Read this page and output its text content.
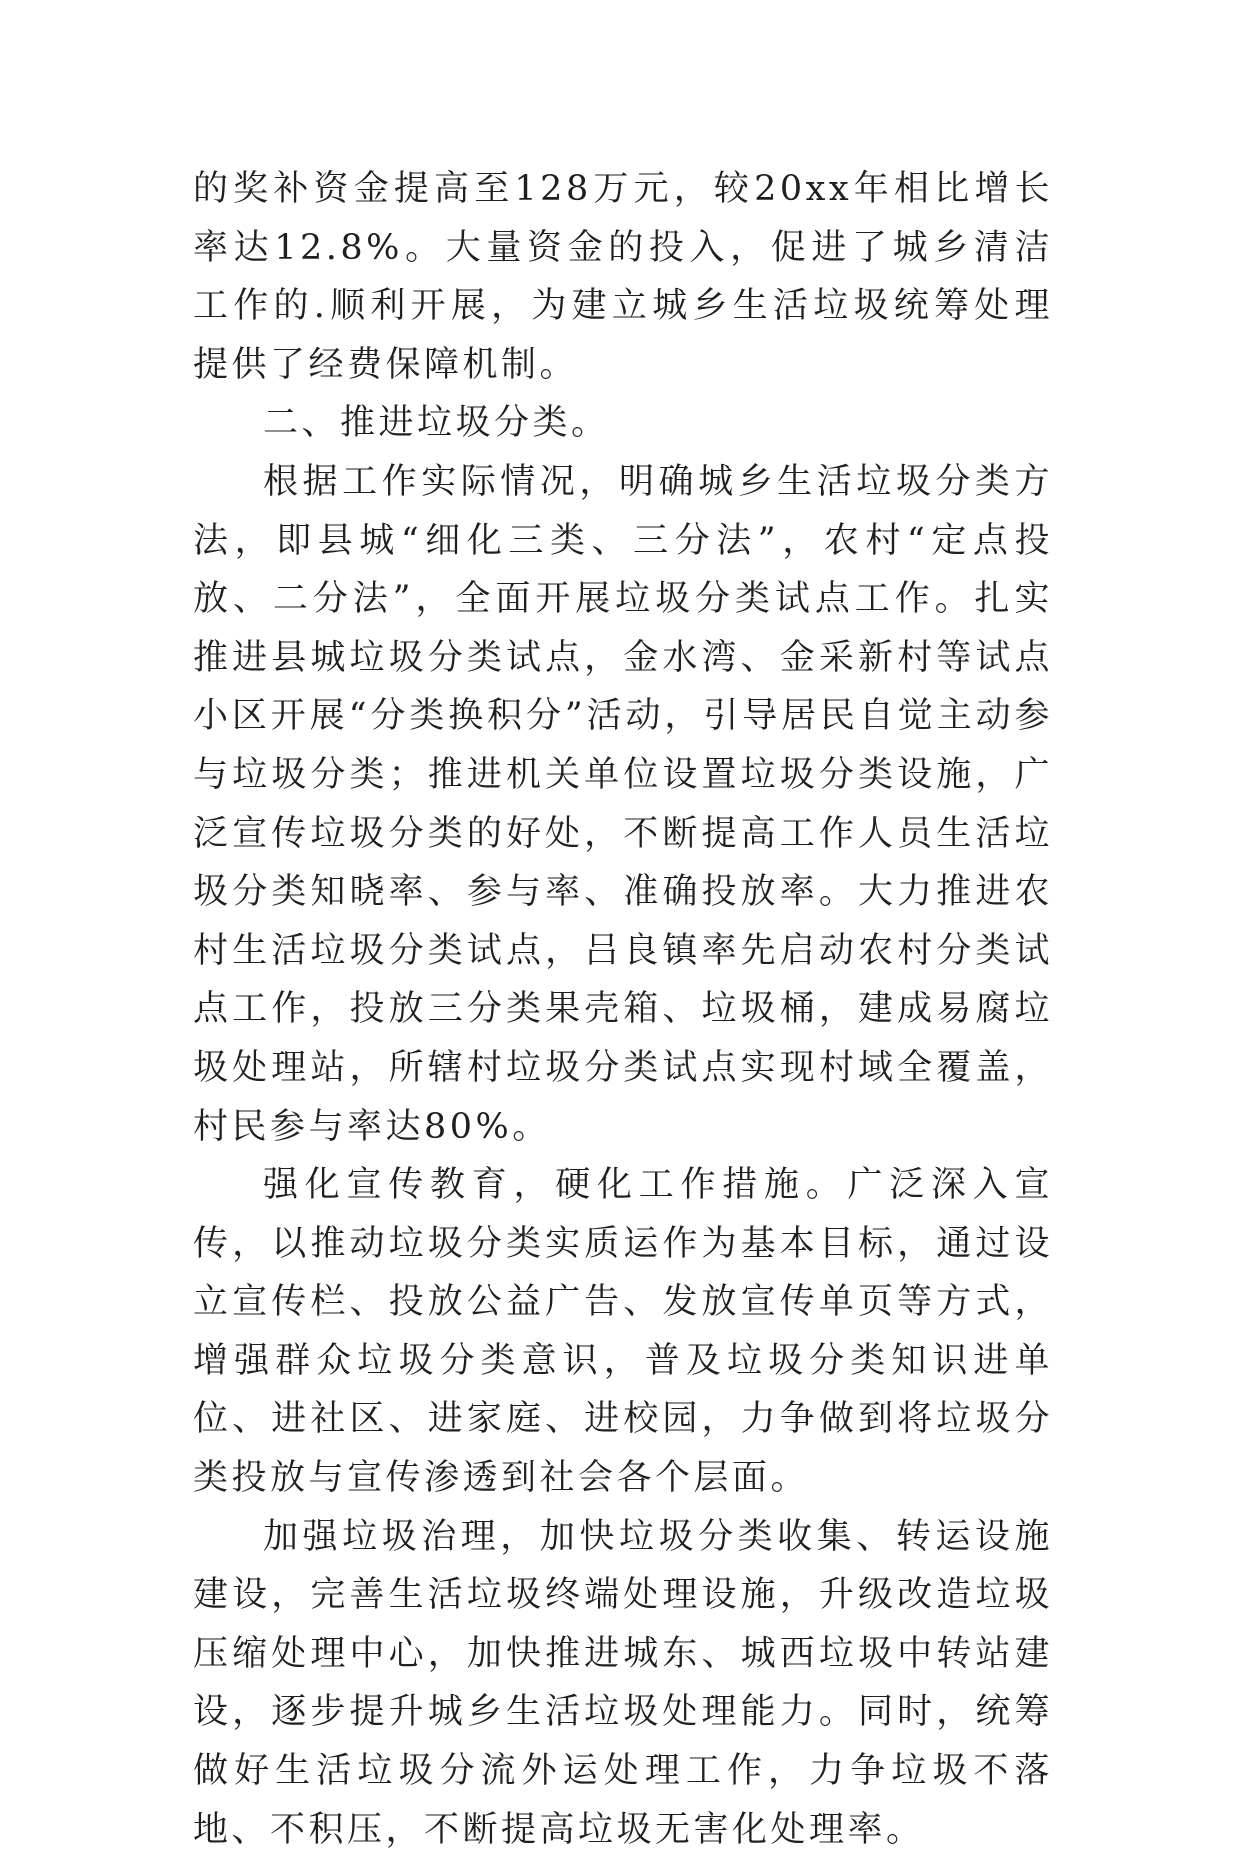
的奖补资金提高至128万元，较20xx年相比增长率达12.8%。大量资金的投入，促进了城乡清洁工作的.顺利开展，为建立城乡生活垃圾统筹处理提供了经费保障机制。

二、推进垃圾分类。

根据工作实际情况，明确城乡生活垃圾分类方法，即县城“细化三类、三分法”，农村“定点投放、二分法”，全面开展垃圾分类试点工作。扎实推进县城垃圾分类试点，金水湾、金采新村等试点小区开展“分类换积分”活动，引导居民自觉主动参与垃圾分类；推进机关单位设置垃圾分类设施，广泛宣传垃圾分类的好处，不断提高工作人员生活垃圾分类知晓率、参与率、准确投放率。大力推进农村生活垃圾分类试点，吕良镇率先启动农村分类试点工作，投放三分类果壳箱、垃圾桶，建成易腐垃圾处理站，所辖村垃圾分类试点实现村域全覆盖，村民参与率达80%。

强化宣传教育，硬化工作措施。广泛深入宣传，以推动垃圾分类实质运作为基本目标，通过设立宣传栏、投放公益广告、发放宣传单页等方式，增强群众垃圾分类意识，普及垃圾分类知识进单位、进社区、进家庭、进校园，力争做到将垃圾分类投放与宣传渗透到社会各个层面。

加强垃圾治理，加快垃圾分类收集、转运设施建设，完善生活垃圾终端处理设施，升级改造垃圾压缩处理中心，加快推进城东、城西垃圾中转站建设，逐步提升城乡生活垃圾处理能力。同时，统筹做好生活垃圾分流外运处理工作，力争垃圾不落地、不积压，不断提高垃圾无害化处理率。
